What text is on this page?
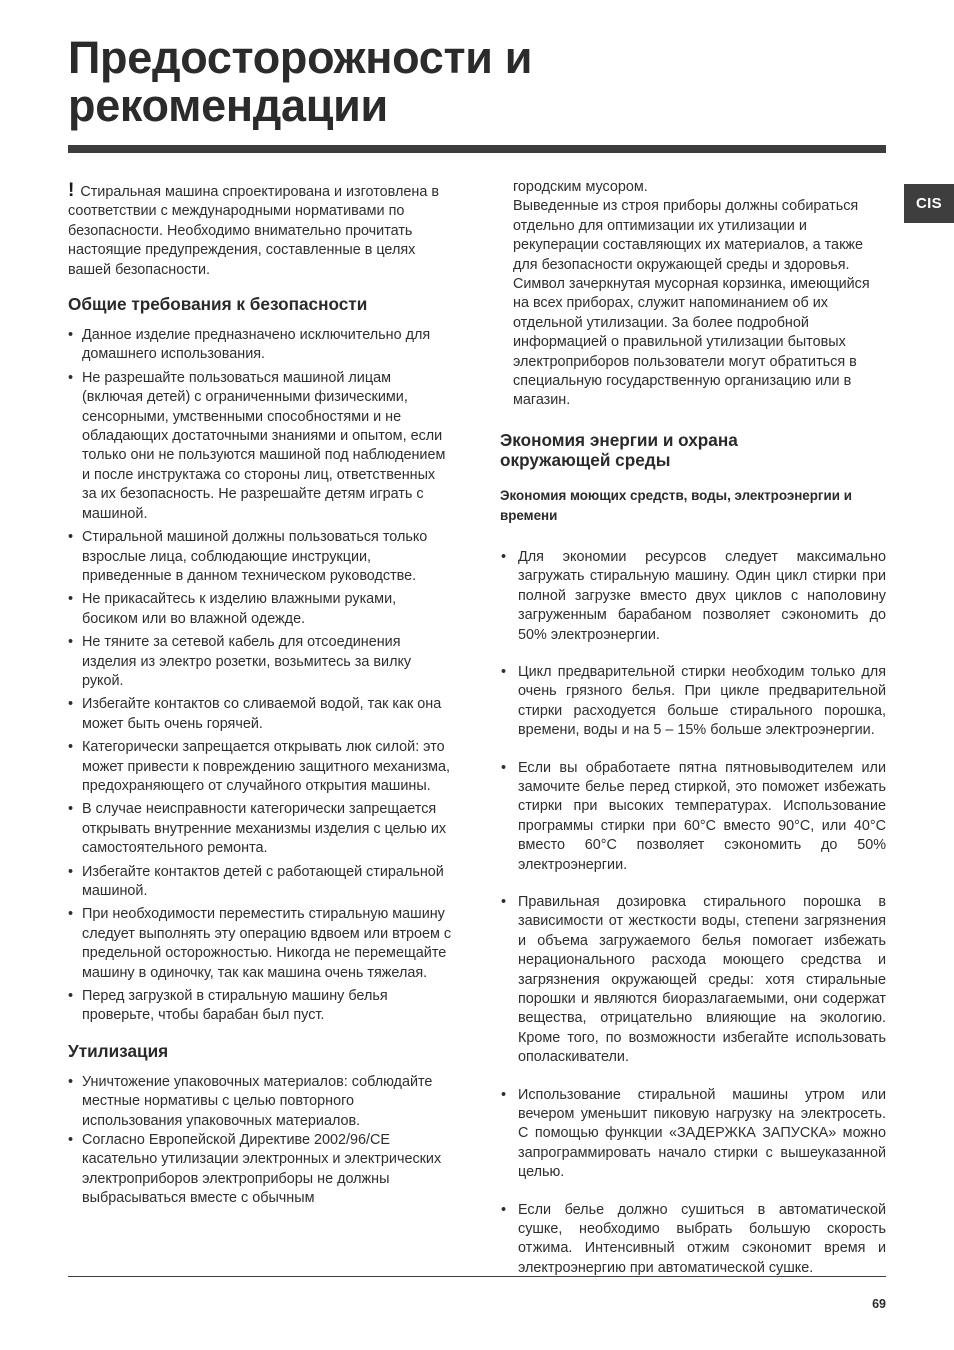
Предосторожности и
рекомендации
CIS

! Стиральная машина спроектирована и изготовлена в соответствии с международными нормативами по безопасности. Необходимо внимательно прочитать настоящие предупреждения, составленные в целях вашей безопасности.

Общие требования к безопасности
• Данное изделие предназначено исключительно для домашнего использования.
• Не разрешайте пользоваться машиной лицам (включая детей) с ограниченными физическими, сенсорными, умственными способностями и не обладающих достаточными знаниями и опытом, если только они не пользуются машиной под наблюдением и после инструктажа со стороны лиц, ответственных за их безопасность. Не разрешайте детям играть с машиной.
• Стиральной машиной должны пользоваться только взрослые лица, соблюдающие инструкции, приведенные в данном техническом руководстве.
• Не прикасайтесь к изделию влажными руками, босиком или во влажной одежде.
• Не тяните за сетевой кабель для отсоединения изделия из электро розетки, возьмитесь за вилку рукой.
• Избегайте контактов со сливаемой водой, так как она может быть очень горячей.
• Категорически запрещается открывать люк силой: это может привести к повреждению защитного механизма, предохраняющего от случайного открытия машины.
• В случае неисправности категорически запрещается открывать внутренние механизмы изделия с целью их самостоятельного ремонта.
• Избегайте контактов детей с работающей стиральной машиной.
• При необходимости переместить стиральную машину следует выполнять эту операцию вдвоем или втроем с предельной осторожностью. Никогда не перемещайте машину в одиночку, так как машина очень тяжелая.
• Перед загрузкой в стиральную машину белья проверьте, чтобы барабан был пуст.
Утилизация
• Уничтожение упаковочных материалов: соблюдайте местные нормативы с целью повторного использования упаковочных материалов.
• Согласно Европейской Директиве 2002/96/CE касательно утилизации электронных и электрических электроприборов электроприборы не должны выбрасываться вместе с обычным

городским мусором.
Выведенные из строя приборы должны собираться отдельно для оптимизации их утилизации и рекуперации составляющих их материалов, а также для безопасности окружающей среды и здоровья. Символ зачеркнутая мусорная корзинка, имеющийся на всех приборах, служит напоминанием об их отдельной утилизации. За более подробной информацией о правильной утилизации бытовых электроприборов пользователи могут обратиться в специальную государственную организацию или в магазин.

Экономия энергии и охрана
окружающей среды
Экономия моющих средств, воды, электроэнергии и времени
• Для экономии ресурсов следует максимально загружать стиральную машину. Один цикл стирки при полной загрузке вместо двух циклов с наполовину загруженным барабаном позволяет сэкономить до 50% электроэнергии.
• Цикл предварительной стирки необходим только для очень грязного белья. При цикле предварительной стирки расходуется больше стирального порошка, времени, воды и на 5 – 15% больше электроэнергии.
• Если вы обработаете пятна пятновыводителем или замочите белье перед стиркой, это поможет избежать стирки при высоких температурах. Использование программы стирки при 60°C вместо 90°C, или 40°C вместо 60°C позволяет сэкономить до 50% электроэнергии.
• Правильная дозировка стирального порошка в зависимости от жесткости воды, степени загрязнения и объема загружаемого белья помогает избежать нерационального расхода моющего средства и загрязнения окружающей среды: хотя стиральные порошки и являются биоразлагаемыми, они содержат вещества, отрицательно влияющие на экологию. Кроме того, по возможности избегайте использовать ополаскиватели.
• Использование стиральной машины утром или вечером уменьшит пиковую нагрузку на электросеть. С помощью функции «ЗАДЕРЖКА ЗАПУСКА» можно запрограммировать начало стирки с вышеуказанной целью.
• Если белье должно сушиться в автоматической сушке, необходимо выбрать большую скорость отжима. Интенсивный отжим сэкономит время и электроэнергию при автоматической сушке.
69
